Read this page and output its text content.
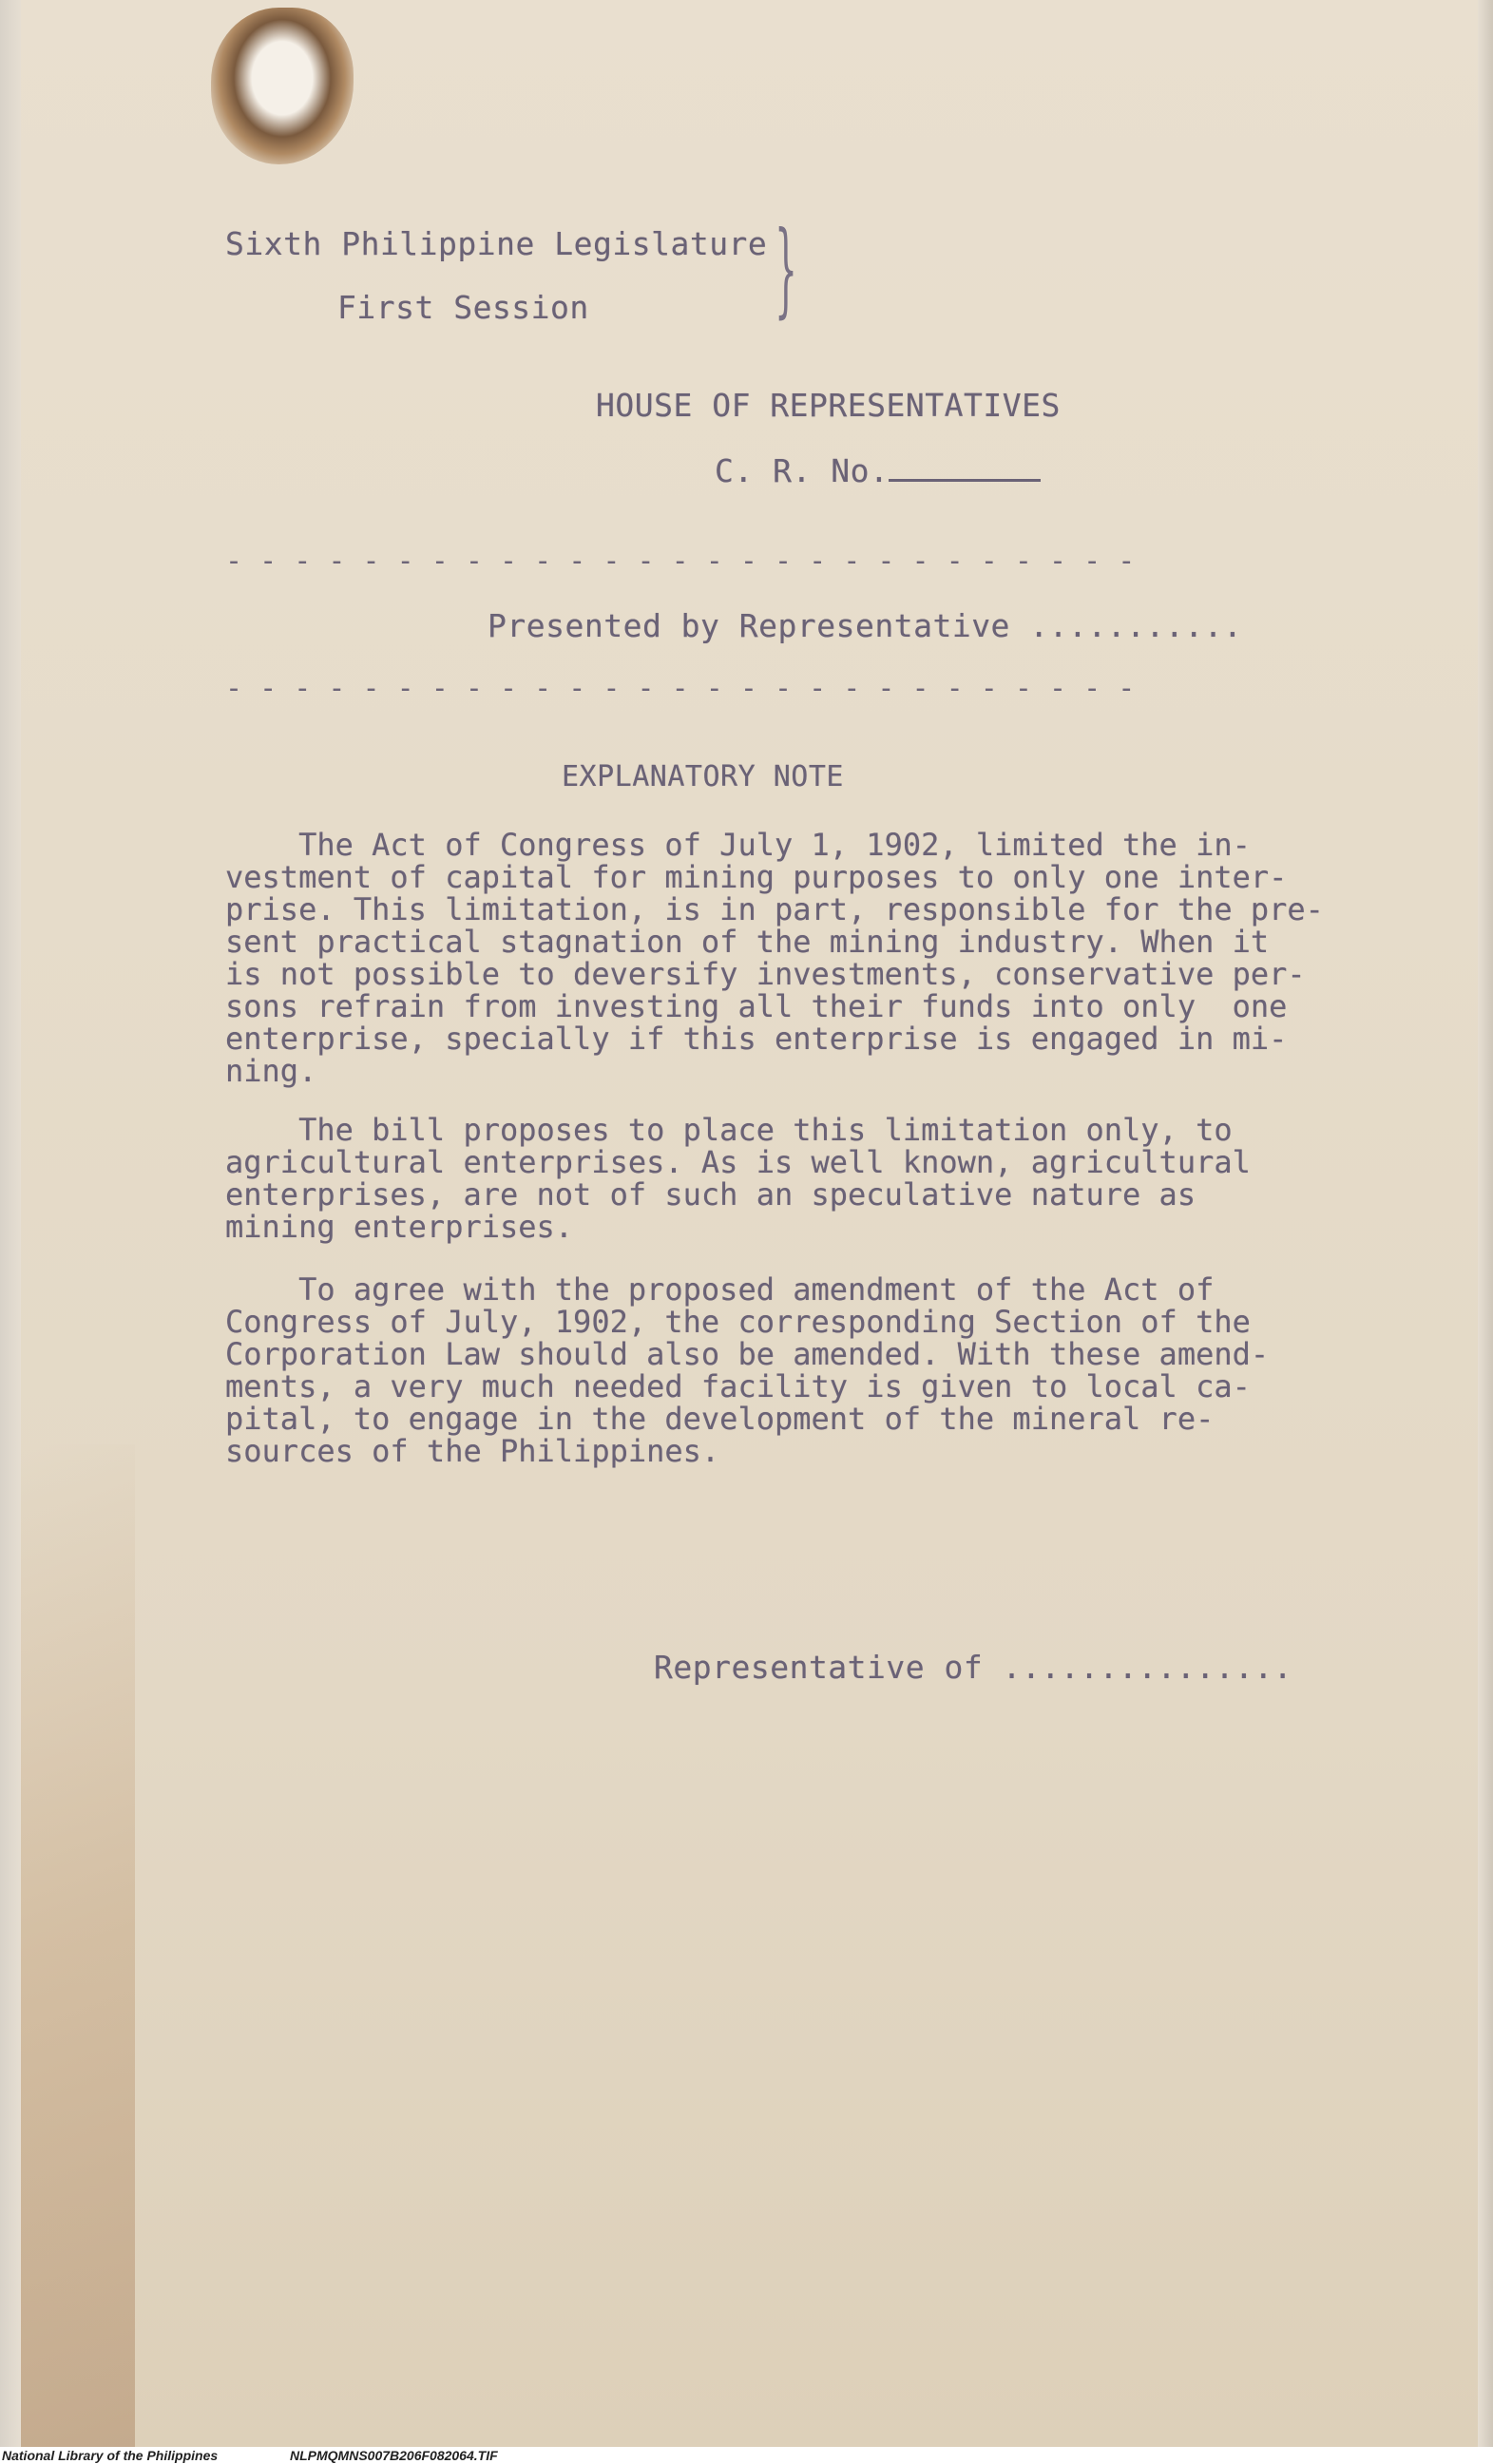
Sixth Philippine Legislature
First Session }
HOUSE OF REPRESENTATIVES
C. R. No.
- - - - - - - - - - - - - - - - - - - - - - - - - - -
Presented by Representative ...........
- - - - - - - - - - - - - - - - - - - - - - - - - - -
EXPLANATORY NOTE
The Act of Congress of July 1, 1902, limited the in-
vestment of capital for mining purposes to only one inter-
prise. This limitation, is in part, responsible for the pre-
sent practical stagnation of the mining industry. When it
is not possible to deversify investments, conservative per-
sons refrain from investing all their funds into only  one
enterprise, specially if this enterprise is engaged in mi-
ning.
The bill proposes to place this limitation only, to
agricultural enterprises. As is well known, agricultural
enterprises, are not of such an speculative nature as
mining enterprises.
To agree with the proposed amendment of the Act of
Congress of July, 1902, the corresponding Section of the
Corporation Law should also be amended. With these amend-
ments, a very much needed facility is given to local ca-
pital, to engage in the development of the mineral re-
sources of the Philippines.
Representative of ...............
National Library of the Philippines	NLPMQMNS007B206F082064.TIF
